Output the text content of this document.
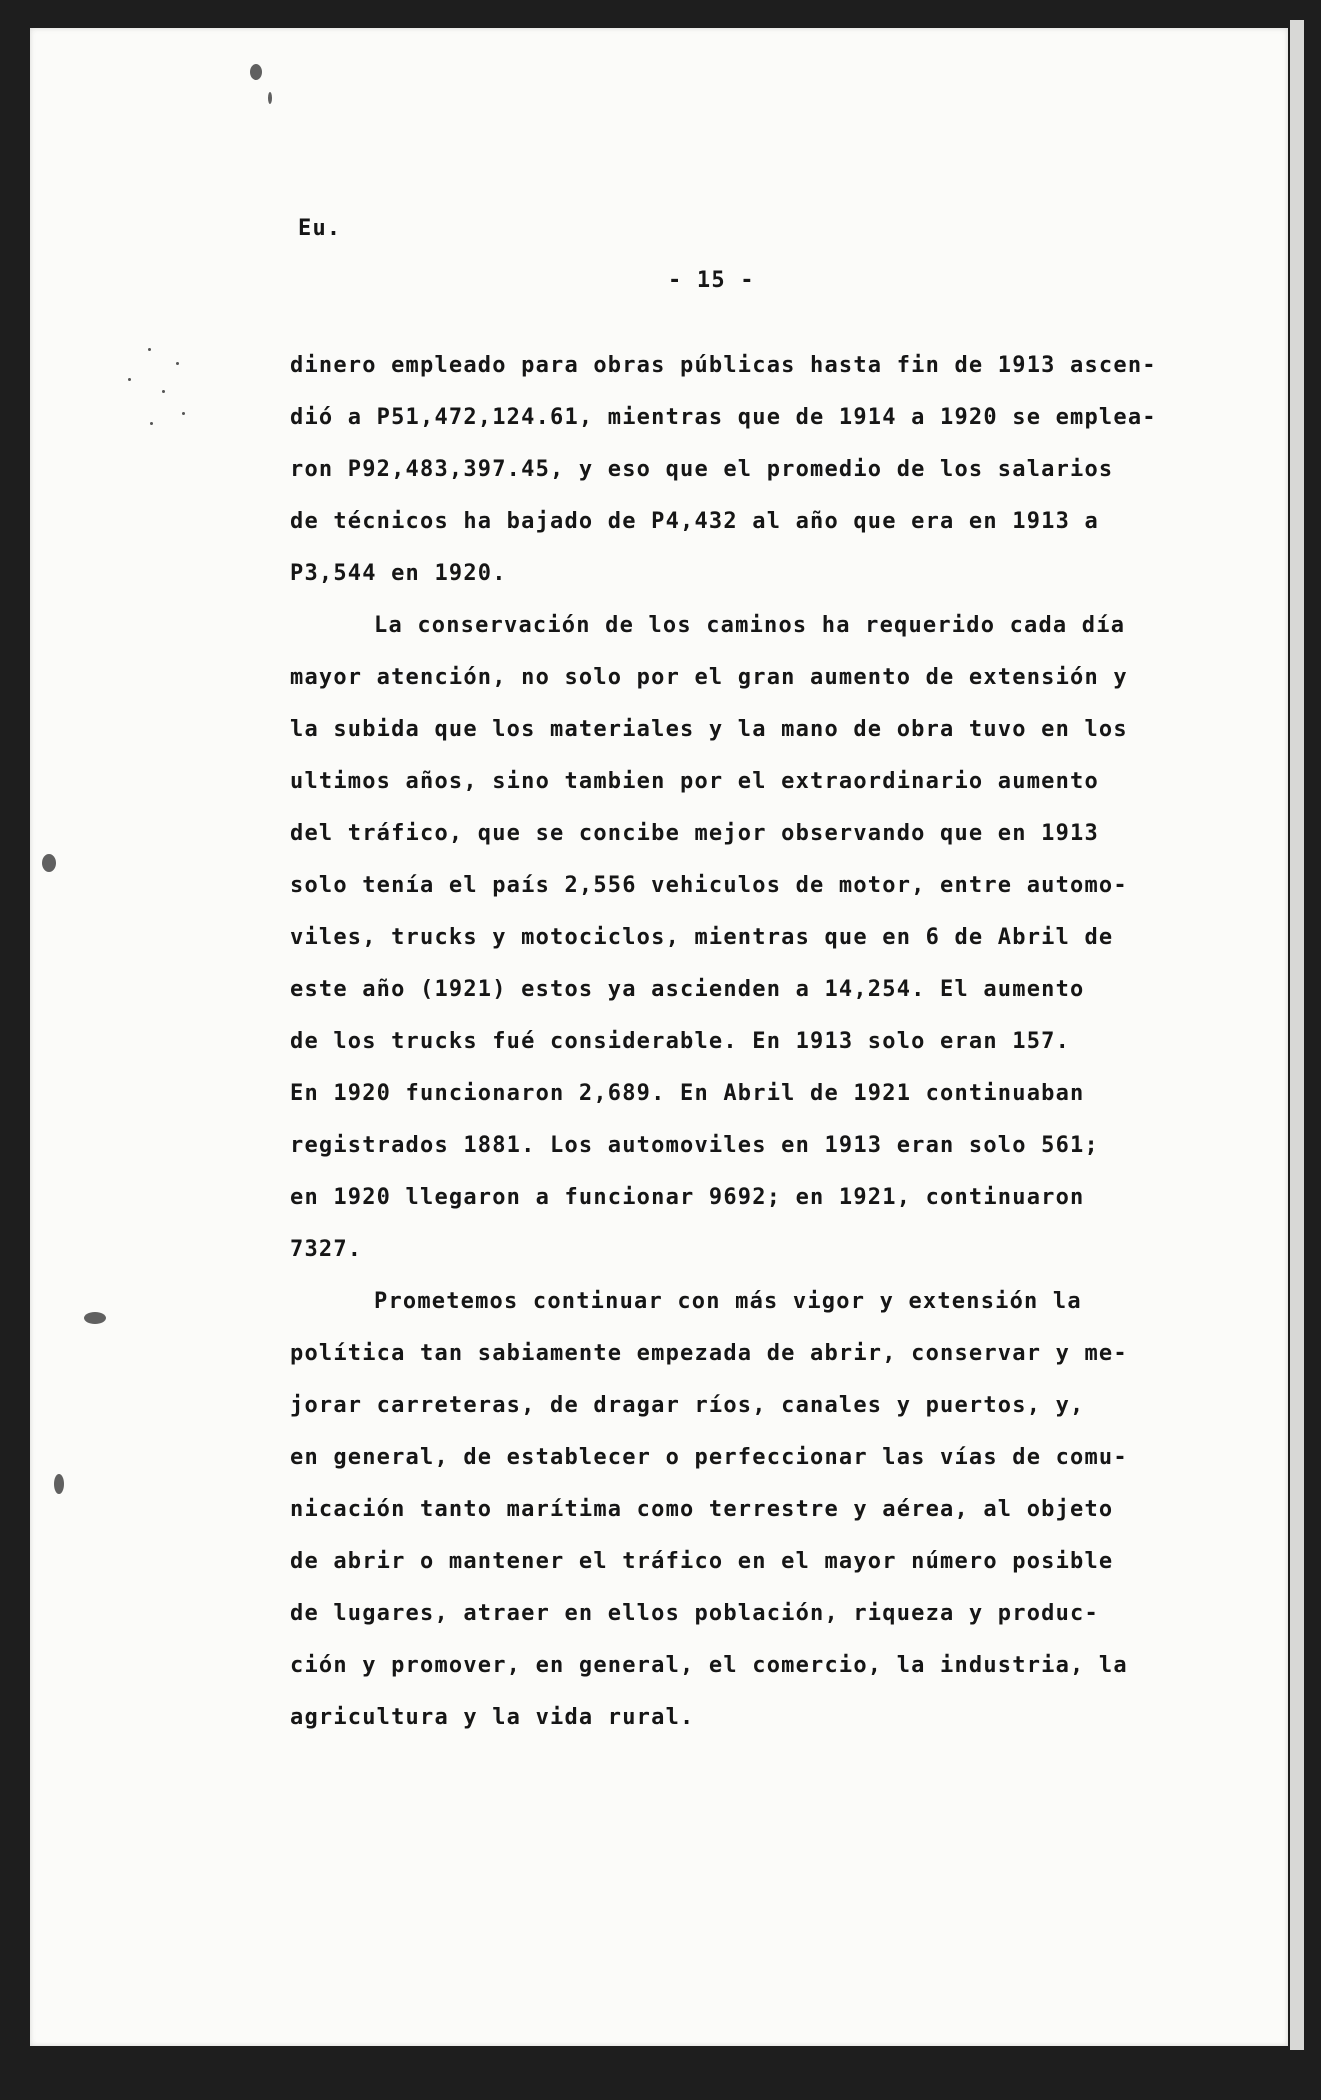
Eu.
- 15 -
dinero empleado para obras públicas hasta fin de 1913 ascen-
dió a P51,472,124.61, mientras que de 1914 a 1920 se emplea-
ron P92,483,397.45, y eso que el promedio de los salarios
de técnicos ha bajado de P4,432 al año que era en 1913 a
P3,544 en 1920.
La conservación de los caminos ha requerido cada día
mayor atención, no solo por el gran aumento de extensión y
la subida que los materiales y la mano de obra tuvo en los
ultimos años, sino tambien por el extraordinario aumento
del tráfico, que se concibe mejor observando que en 1913
solo tenía el país 2,556 vehiculos de motor, entre automo-
viles, trucks y motociclos, mientras que en 6 de Abril de
este año (1921) estos ya ascienden a 14,254. El aumento
de los trucks fué considerable. En 1913 solo eran 157.
En 1920 funcionaron 2,689. En Abril de 1921 continuaban
registrados 1881. Los automoviles en 1913 eran solo 561;
en 1920 llegaron a funcionar 9692; en 1921, continuaron
7327.
Prometemos continuar con más vigor y extensión la
política tan sabiamente empezada de abrir, conservar y me-
jorar carreteras, de dragar ríos, canales y puertos, y,
en general, de establecer o perfeccionar las vías de comu-
nicación tanto marítima como terrestre y aérea, al objeto
de abrir o mantener el tráfico en el mayor número posible
de lugares, atraer en ellos población, riqueza y produc-
ción y promover, en general, el comercio, la industria, la
agricultura y la vida rural.
